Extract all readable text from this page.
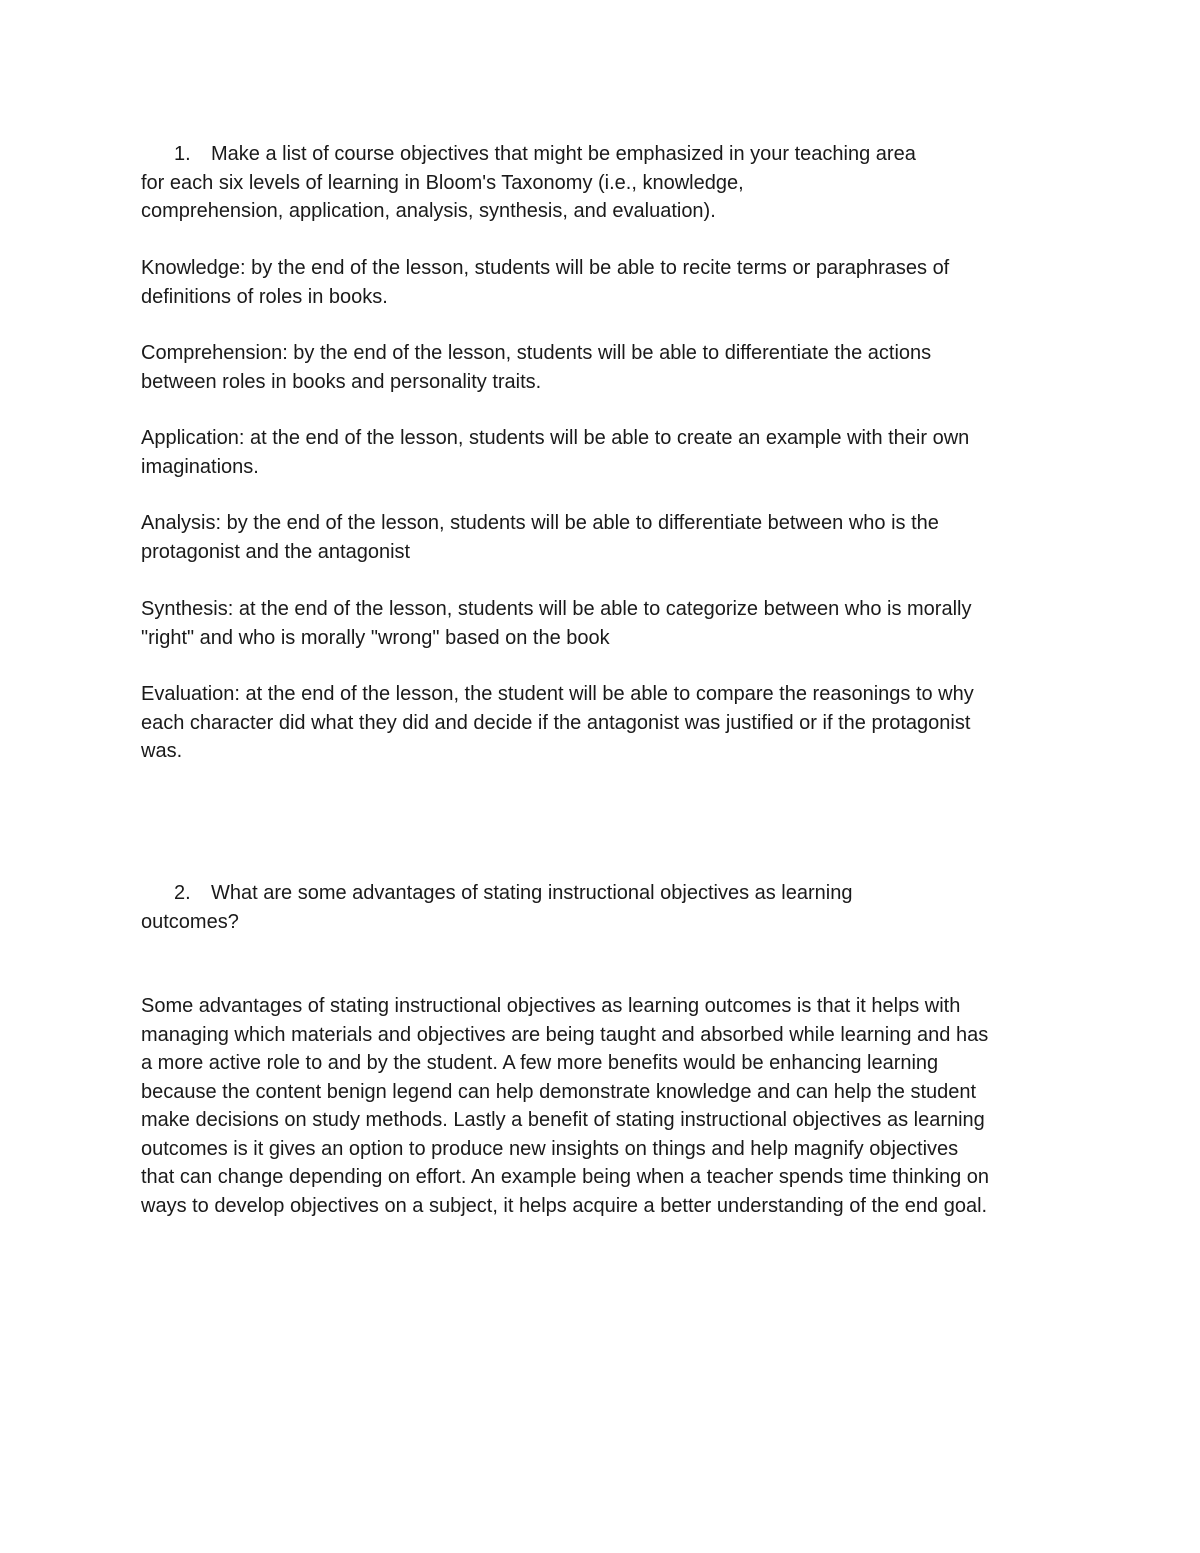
1. Make a list of course objectives that might be emphasized in your teaching area
for each six levels of learning in Bloom's Taxonomy (i.e., knowledge,
comprehension, application, analysis, synthesis, and evaluation).
Knowledge: by the end of the lesson, students will be able to recite terms or paraphrases of
definitions of roles in books.
Comprehension: by the end of the lesson, students will be able to differentiate the actions
between roles in books and personality traits.
Application: at the end of the lesson, students will be able to create an example with their own
imaginations.
Analysis: by the end of the lesson, students will be able to differentiate between who is the
protagonist and the antagonist
Synthesis: at the end of the lesson, students will be able to categorize between who is morally
"right" and who is morally "wrong" based on the book
Evaluation: at the end of the lesson, the student will be able to compare the reasonings to why
each character did what they did and decide if the antagonist was justified or if the protagonist
was.
2. What are some advantages of stating instructional objectives as learning
outcomes?
Some advantages of stating instructional objectives as learning outcomes is that it helps with
managing which materials and objectives are being taught and absorbed while learning and has
a more active role to and by the student. A few more benefits would be enhancing learning
because the content benign legend can help demonstrate knowledge and can help the student
make decisions on study methods. Lastly a benefit of stating instructional objectives as learning
outcomes is it gives an option to produce new insights on things and help magnify objectives
that can change depending on effort. An example being when a teacher spends time thinking on
ways to develop objectives on a subject, it helps acquire a better understanding of the end goal.
